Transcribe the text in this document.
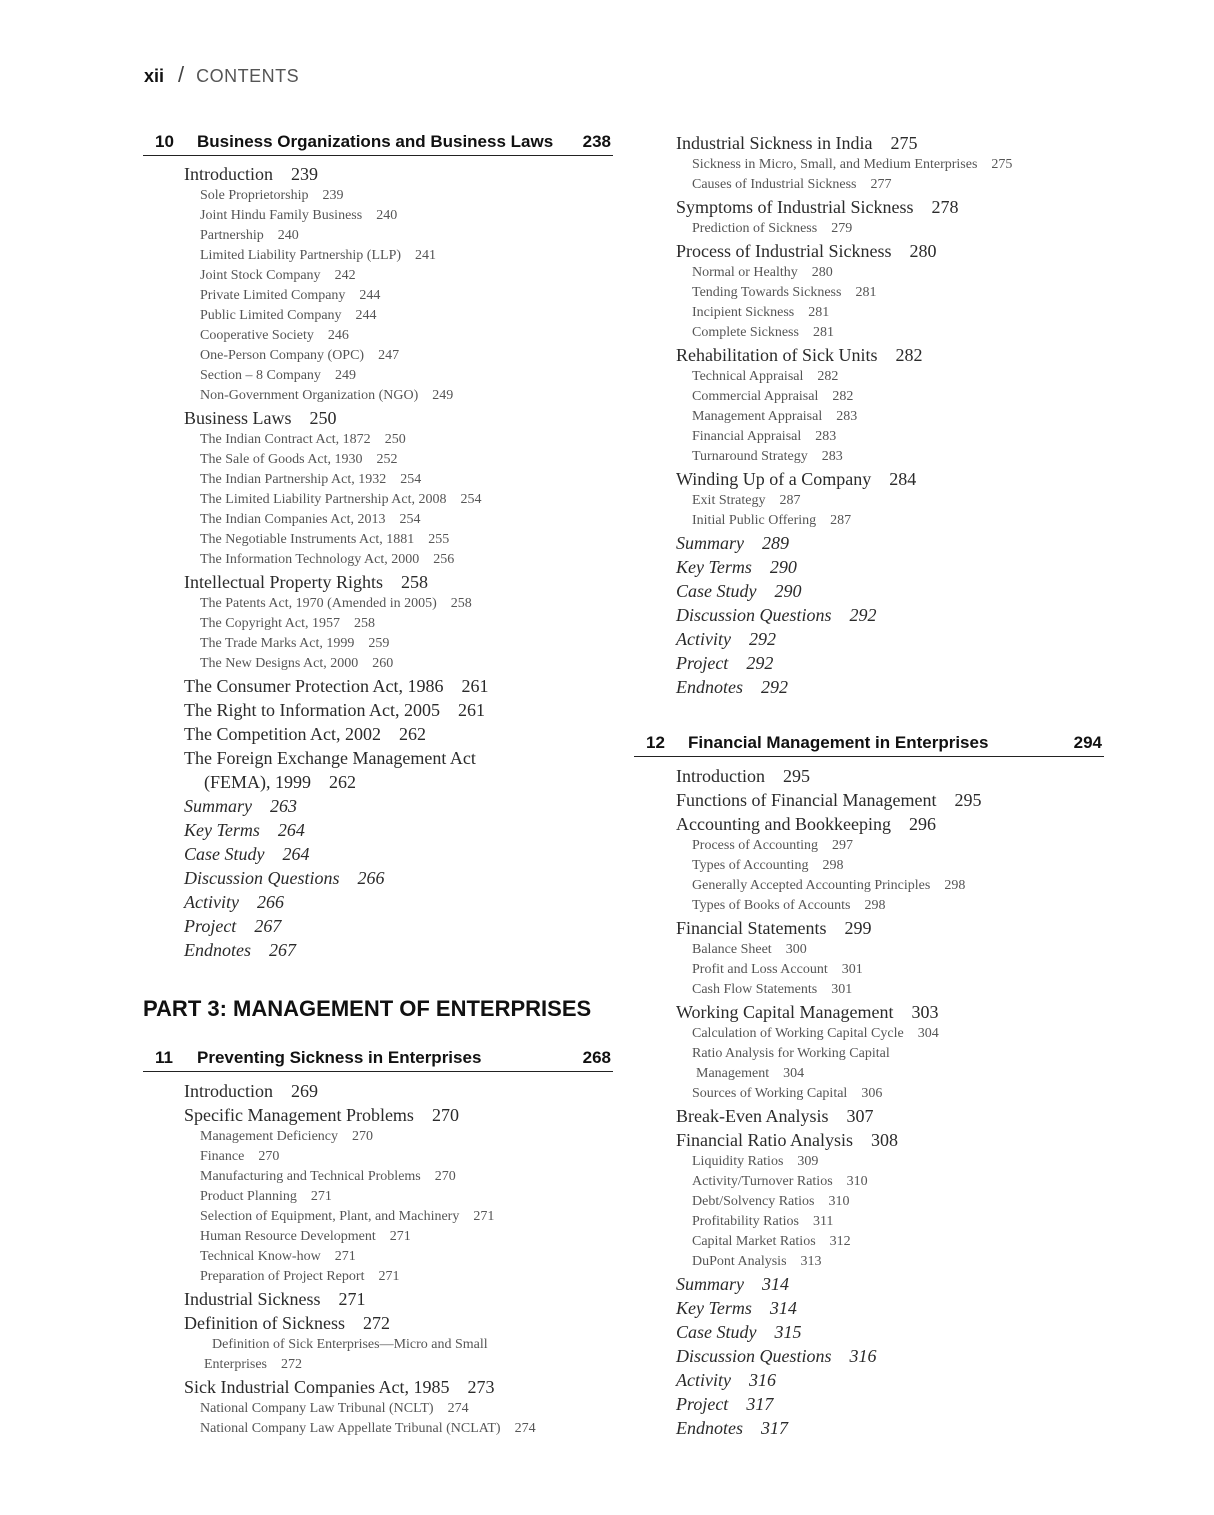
xii / CONTENTS
10 Business Organizations and Business Laws 238
Introduction 239
Sole Proprietorship 239
Joint Hindu Family Business 240
Partnership 240
Limited Liability Partnership (LLP) 241
Joint Stock Company 242
Private Limited Company 244
Public Limited Company 244
Cooperative Society 246
One-Person Company (OPC) 247
Section – 8 Company 249
Non-Government Organization (NGO) 249
Business Laws 250
The Indian Contract Act, 1872 250
The Sale of Goods Act, 1930 252
The Indian Partnership Act, 1932 254
The Limited Liability Partnership Act, 2008 254
The Indian Companies Act, 2013 254
The Negotiable Instruments Act, 1881 255
The Information Technology Act, 2000 256
Intellectual Property Rights 258
The Patents Act, 1970 (Amended in 2005) 258
The Copyright Act, 1957 258
The Trade Marks Act, 1999 259
The New Designs Act, 2000 260
The Consumer Protection Act, 1986 261
The Right to Information Act, 2005 261
The Competition Act, 2002 262
The Foreign Exchange Management Act
(FEMA), 1999 262
Summary 263
Key Terms 264
Case Study 264
Discussion Questions 266
Activity 266
Project 267
Endnotes 267
PART 3: MANAGEMENT OF ENTERPRISES
11 Preventing Sickness in Enterprises	268
Introduction 269
Specific Management Problems 270
Management Deficiency 270
Finance 270
Manufacturing and Technical Problems 270
Product Planning 271
Selection of Equipment, Plant, and Machinery 271
Human Resource Development 271
Technical Know-how 271
Preparation of Project Report 271
Industrial Sickness 271
Definition of Sickness 272
Definition of Sick Enterprises—Micro and Small
Enterprises 272
Sick Industrial Companies Act, 1985 273
National Company Law Tribunal (NCLT) 274
National Company Law Appellate Tribunal (NCLAT) 274
Industrial Sickness in India 275
Sickness in Micro, Small, and Medium Enterprises 275
Causes of Industrial Sickness 277
Symptoms of Industrial Sickness 278
Prediction of Sickness 279
Process of Industrial Sickness 280
Normal or Healthy 280
Tending Towards Sickness 281
Incipient Sickness 281
Complete Sickness 281
Rehabilitation of Sick Units 282
Technical Appraisal 282
Commercial Appraisal 282
Management Appraisal 283
Financial Appraisal 283
Turnaround Strategy 283
Winding Up of a Company 284
Exit Strategy 287
Initial Public Offering 287
Summary 289
Key Terms 290
Case Study 290
Discussion Questions 292
Activity 292
Project 292
Endnotes 292
12 Financial Management in Enterprises	294
Introduction 295
Functions of Financial Management 295
Accounting and Bookkeeping 296
Process of Accounting 297
Types of Accounting 298
Generally Accepted Accounting Principles 298
Types of Books of Accounts 298
Financial Statements 299
Balance Sheet 300
Profit and Loss Account 301
Cash Flow Statements 301
Working Capital Management 303
Calculation of Working Capital Cycle 304
Ratio Analysis for Working Capital
Management 304
Sources of Working Capital 306
Break-Even Analysis 307
Financial Ratio Analysis 308
Liquidity Ratios 309
Activity/Turnover Ratios 310
Debt/Solvency Ratios 310
Profitability Ratios 311
Capital Market Ratios 312
DuPont Analysis 313
Summary 314
Key Terms 314
Case Study 315
Discussion Questions 316
Activity 316
Project 317
Endnotes 317
